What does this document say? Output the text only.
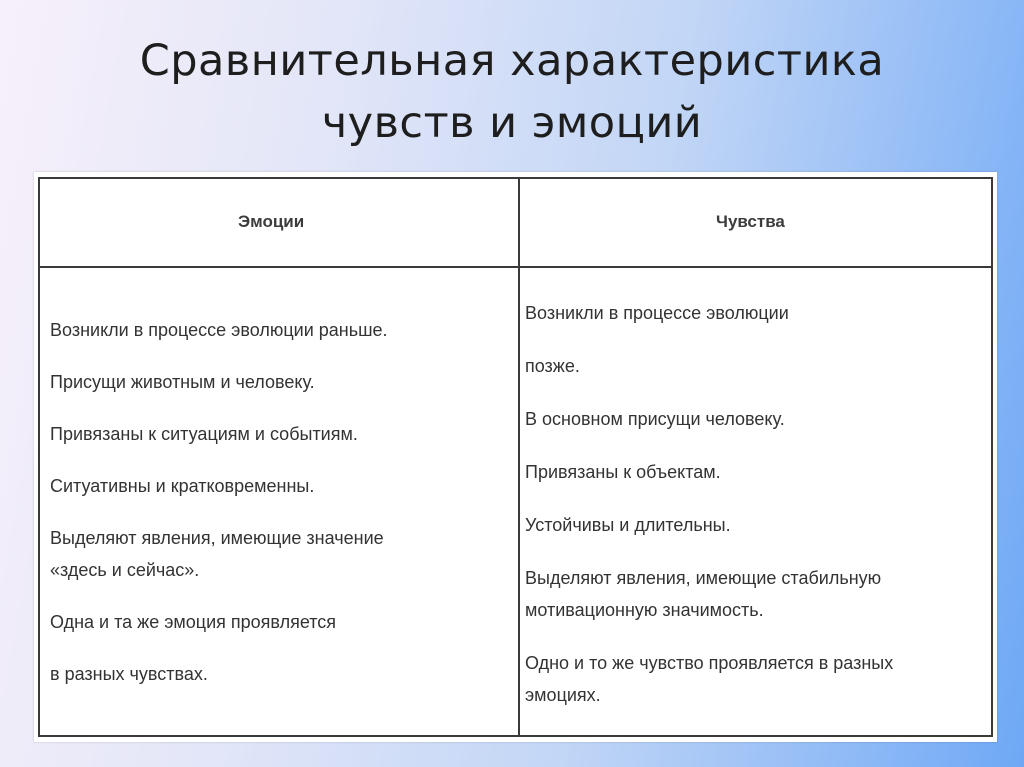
Сравнительная характеристика
чувств и эмоций
Эмоции	Чувства

Возникли в процессе эволюции раньше.

Присущи животным и человеку.

Привязаны к ситуациям и событиям.

Ситуативны и кратковременны.

Выделяют явления, имеющие значение

«здесь и сейчас».

Одна и та же эмоция проявляется

в разных чувствах.

Возникли в процессе эволюции

позже.

В основном присущи человеку.

Привязаны к объектам.

Устойчивы и длительны.

Выделяют явления, имеющие стабильную

мотивационную значимость.

Одно и то же чувство проявляется в разных

эмоциях.
